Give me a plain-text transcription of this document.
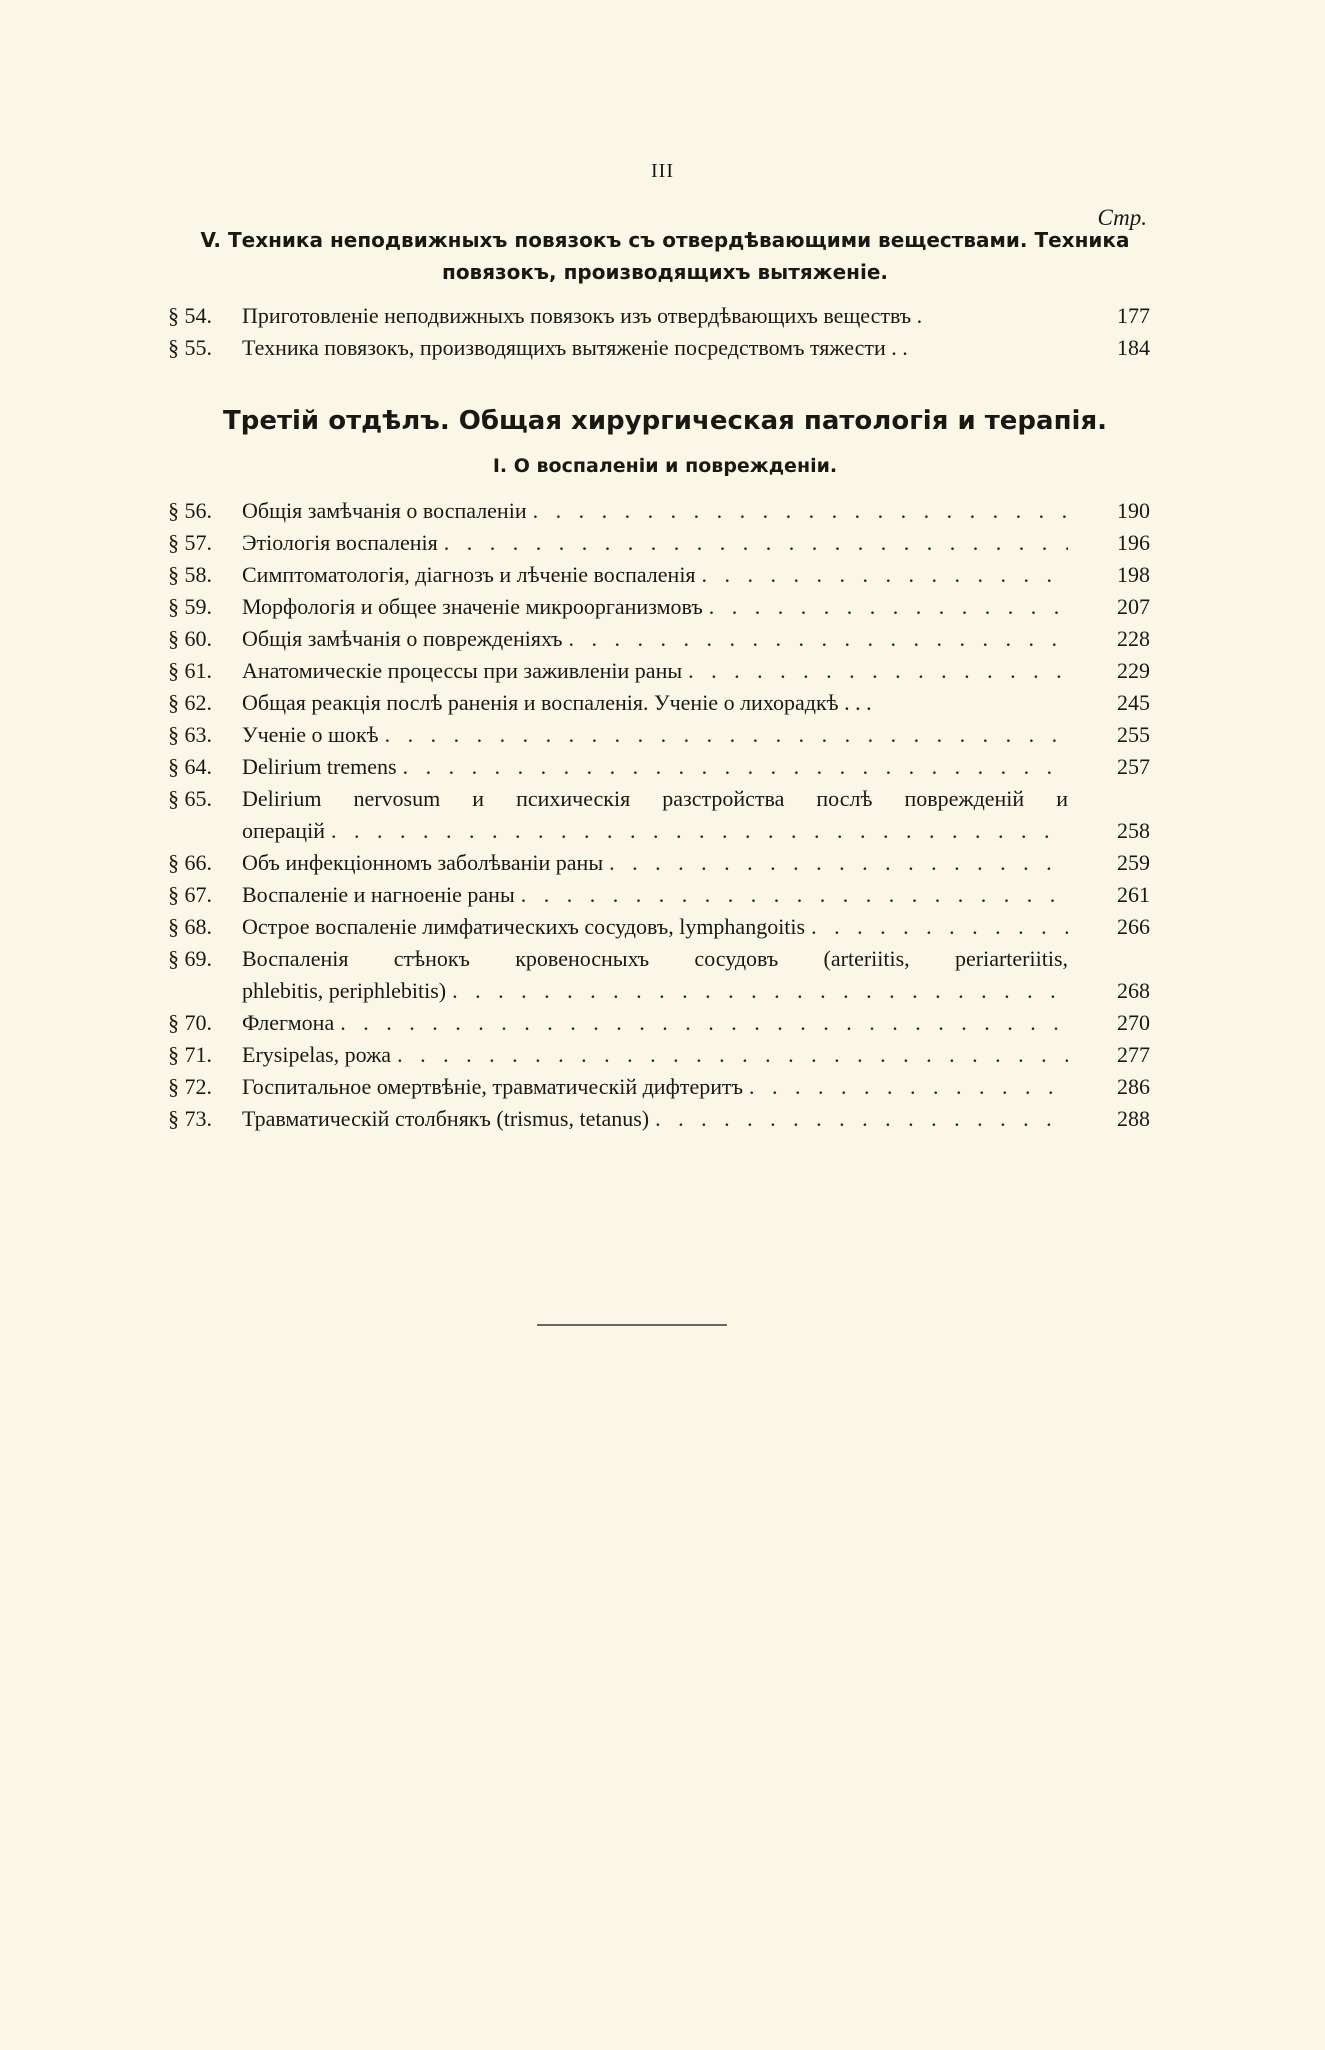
III
Стр.
V. Техника неподвижныхъ повязокъ съ отвердѣвающими веществами. Техника
повязокъ, производящихъ вытяженіе.
§ 54.	Приготовленіе неподвижныхъ повязокъ изъ отвердѣвающихъ веществъ .	177
§ 55.	Техника повязокъ, производящихъ вытяженіе посредствомъ тяжести . .	184
Третій отдѣлъ. Общая хирургическая патологія и терапія.
I. О воспаленіи и поврежденіи.
§ 56.	Общія замѣчанія о воспаленіи . . .	190
§ 57.	Этіологія воспаленія . . .	196
§ 58.	Симптоматологія, діагнозъ и лѣченіе воспаленія . . .	198
§ 59.	Морфологія и общее значеніе микроорганизмовъ . . .	207
§ 60.	Общія замѣчанія о поврежденіяхъ . . .	228
§ 61.	Анатомическіе процессы при заживленіи раны . . .	229
§ 62.	Общая реакція послѣ раненія и воспаленія. Ученіе о лихорадкѣ . . .	245
§ 63.	Ученіе о шокѣ . . .	255
§ 64.	Delirium tremens . . .	257
§ 65.	Delirium nervosum и психическія разстройства послѣ поврежденій и
операцій . . .	258
§ 66.	Объ инфекціонномъ заболѣваніи раны . . .	259
§ 67.	Воспаленіе и нагноеніе раны . . .	261
§ 68.	Острое воспаленіе лимфатическихъ сосудовъ, lymphangoitis . . .	266
§ 69.	Воспаленія стѣнокъ кровеносныхъ сосудовъ (arteriitis, periarteriitis,
phlebitis, periphlebitis) . . .	268
§ 70.	Флегмона . . .	270
§ 71.	Erysipelas, рожа . . .	277
§ 72.	Госпитальное омертвѣніе, травматическій дифтеритъ . . .	286
§ 73.	Травматическій столбнякъ (trismus, tetanus) . . .	288
